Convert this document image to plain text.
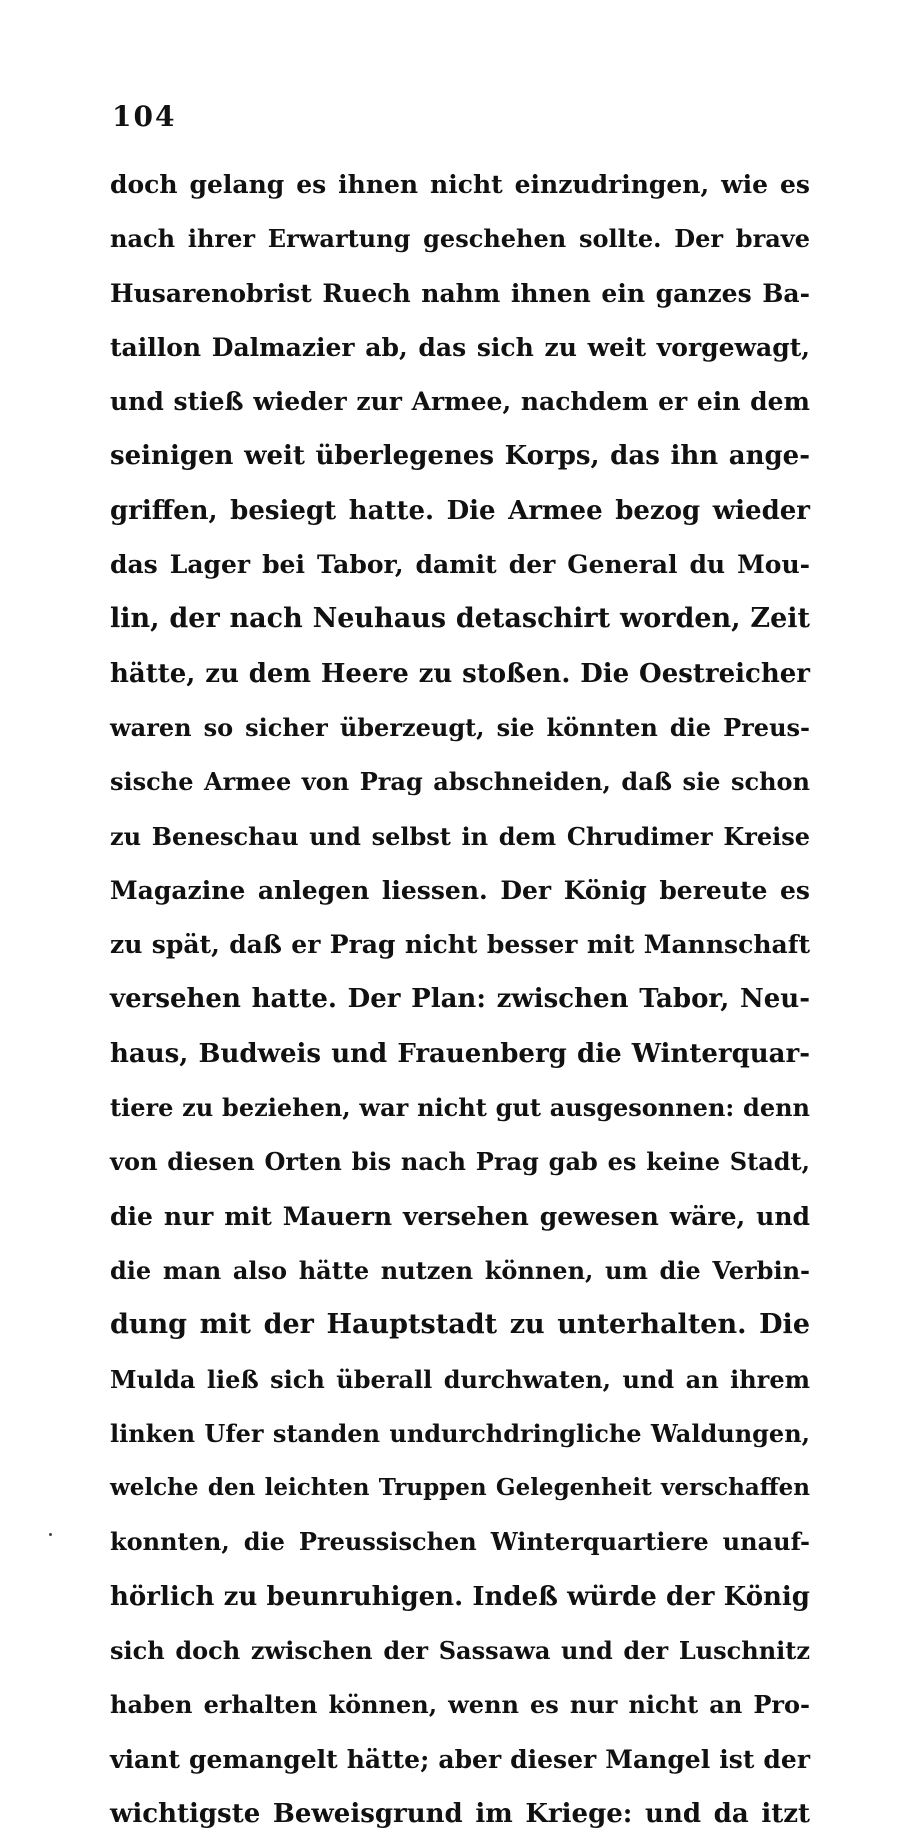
104
doch gelang es ihnen nicht einzudringen, wie es
nach ihrer Erwartung geschehen sollte. Der brave
Husarenobrist Ruech nahm ihnen ein ganzes Ba-
taillon Dalmazier ab, das sich zu weit vorgewagt,
und stieß wieder zur Armee, nachdem er ein dem
seinigen weit überlegenes Korps, das ihn ange-
griffen, besiegt hatte. Die Armee bezog wieder
das Lager bei Tabor, damit der General du Mou-
lin, der nach Neuhaus detaschirt worden, Zeit
hätte, zu dem Heere zu stoßen. Die Oestreicher
waren so sicher überzeugt, sie könnten die Preus-
sische Armee von Prag abschneiden, daß sie schon
zu Beneschau und selbst in dem Chrudimer Kreise
Magazine anlegen liessen. Der König bereute es
zu spät, daß er Prag nicht besser mit Mannschaft
versehen hatte. Der Plan: zwischen Tabor, Neu-
haus, Budweis und Frauenberg die Winterquar-
tiere zu beziehen, war nicht gut ausgesonnen: denn
von diesen Orten bis nach Prag gab es keine Stadt,
die nur mit Mauern versehen gewesen wäre, und
die man also hätte nutzen können, um die Verbin-
dung mit der Hauptstadt zu unterhalten. Die
Mulda ließ sich überall durchwaten, und an ihrem
linken Ufer standen undurchdringliche Waldungen,
welche den leichten Truppen Gelegenheit verschaffen
konnten, die Preussischen Winterquartiere unauf-
hörlich zu beunruhigen. Indeß würde der König
sich doch zwischen der Sassawa und der Luschnitz
haben erhalten können, wenn es nur nicht an Pro-
viant gemangelt hätte; aber dieser Mangel ist der
wichtigste Beweisgrund im Kriege: und da itzt
